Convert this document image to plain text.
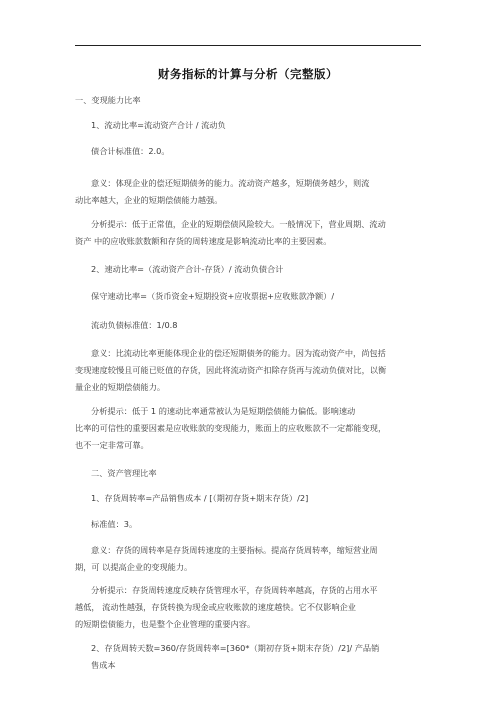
财务指标的计算与分析（完整版）
一、变现能力比率
1、流动比率=流动资产合计 / 流动负
债合计标准值：2.0。
意义：体现企业的偿还短期债务的能力。流动资产越多，短期债务越少，则流
动比率越大，企业的短期偿债能力越强。
分析提示：低于正常值，企业的短期偿债风险较大。一般情况下，营业周期、流动
资产 中的应收账款数额和存货的周转速度是影响流动比率的主要因素。
2、速动比率=（流动资产合计-存货）/ 流动负债合计
保守速动比率=（货币资金+短期投资+应收票据+应收账款净额）/
流动负债标准值：1/0.8
意义：比流动比率更能体现企业的偿还短期债务的能力。因为流动资产中，尚包括
变现速度较慢且可能已贬值的存货，因此将流动资产扣除存货再与流动负债对比，以衡
量企业的短期偿债能力。
分析提示：低于 1 的速动比率通常被认为是短期偿债能力偏低。影响速动
比率的可信性的重要因素是应收账款的变现能力，账面上的应收账款不一定都能变现，
也不一定非常可靠。
二、资产管理比率
1、存货周转率=产品销售成本 / [（期初存货+期末存货）/2]
标准值：3。
意义：存货的周转率是存货周转速度的主要指标。提高存货周转率，缩短营业周
期，可 以提高企业的变现能力。
分析提示：存货周转速度反映存货管理水平，存货周转率越高，存货的占用水平
越低， 流动性越强，存货转换为现金或应收账款的速度越快。它不仅影响企业
的短期偿债能力，也是整个企业管理的重要内容。
2、存货周转天数=360/存货周转率=[360*（期初存货+期末存货）/2]/ 产品销
售成本
